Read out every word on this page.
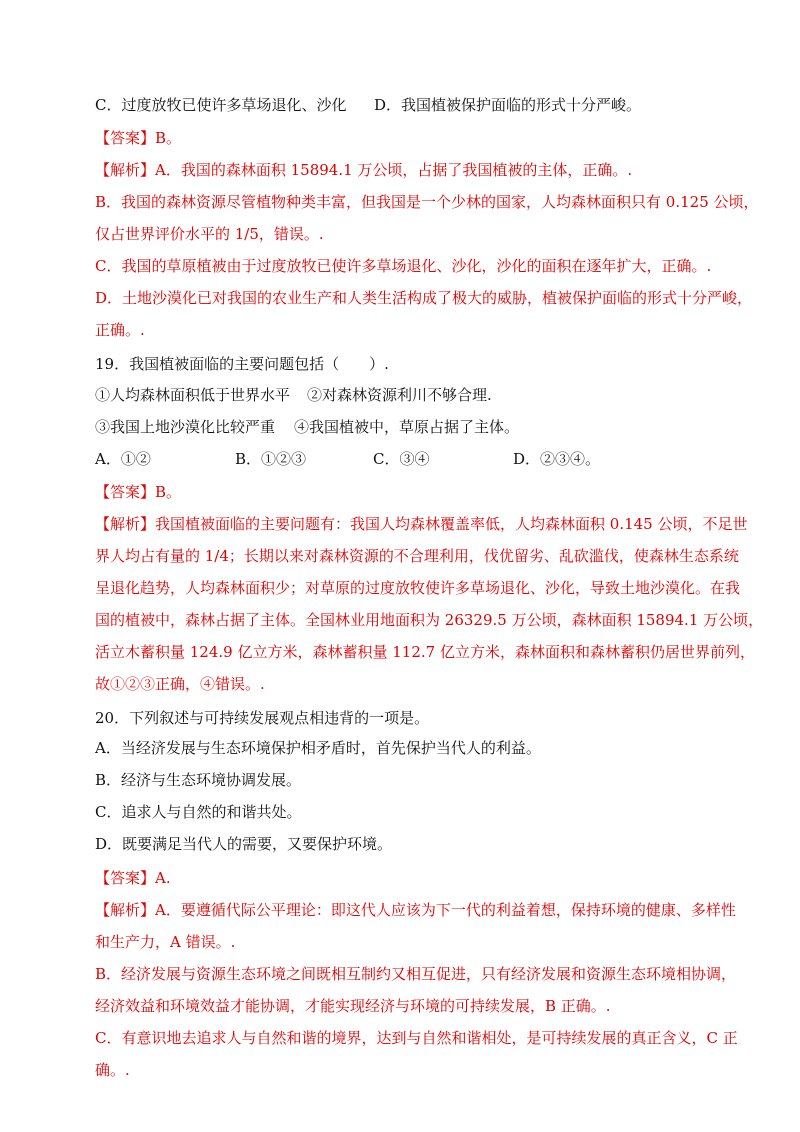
C．过度放牧已使许多草场退化、沙化 D．我国植被保护面临的形式十分严峻。

【答案】B。

【解析】A．我国的森林面积 15894.1 万公顷，占据了我国植被的主体，正确。.

B．我国的森林资源尽管植物种类丰富，但我国是一个少林的国家，人均森林面积只有 0.125 公顷，

仅占世界评价水平的 1/5，错误。.

C．我国的草原植被由于过度放牧已使许多草场退化、沙化，沙化的面积在逐年扩大，正确。.

D．土地沙漠化已对我国的农业生产和人类生活构成了极大的威胁，植被保护面临的形式十分严峻，

正确。.

19．我国植被面临的主要问题包括（　　）.

①人均森林面积低于世界水平 ②对森林资源利川不够合理.
③我国上地沙漠化比较严重 ④我国植被中，草原占据了主体。
A．①②	B．①②③	C．③④	D．②③④。

【答案】B。

【解析】我国植被面临的主要问题有：我国人均森林覆盖率低，人均森林面积 0.145 公顷，不足世

界人均占有量的 1/4；长期以来对森林资源的不合理利用，伐优留劣、乱砍滥伐，使森林生态系统

呈退化趋势，人均森林面积少；对草原的过度放牧使许多草场退化、沙化，导致土地沙漠化。在我

国的植被中，森林占据了主体。全国林业用地面积为 26329.5 万公顷，森林面积 15894.1 万公顷，

活立木蓄积量 124.9 亿立方米，森林蓄积量 112.7 亿立方米，森林面积和森林蓄积仍居世界前列，

故①②③正确，④错误。.

20．下列叙述与可持续发展观点相违背的一项是。

A．当经济发展与生态环境保护相矛盾时，首先保护当代人的利益。

B．经济与生态环境协调发展。

C．追求人与自然的和谐共处。

D．既要满足当代人的需要，又要保护环境。

【答案】A.

【解析】A．要遵循代际公平理论：即这代人应该为下一代的利益着想，保持环境的健康、多样性

和生产力，A 错误。.

B．经济发展与资源生态环境之间既相互制约又相互促进，只有经济发展和资源生态环境相协调，

经济效益和环境效益才能协调，才能实现经济与环境的可持续发展，B 正确。.

C．有意识地去追求人与自然和谐的境界，达到与自然和谐相处，是可持续发展的真正含义，C 正

确。.
